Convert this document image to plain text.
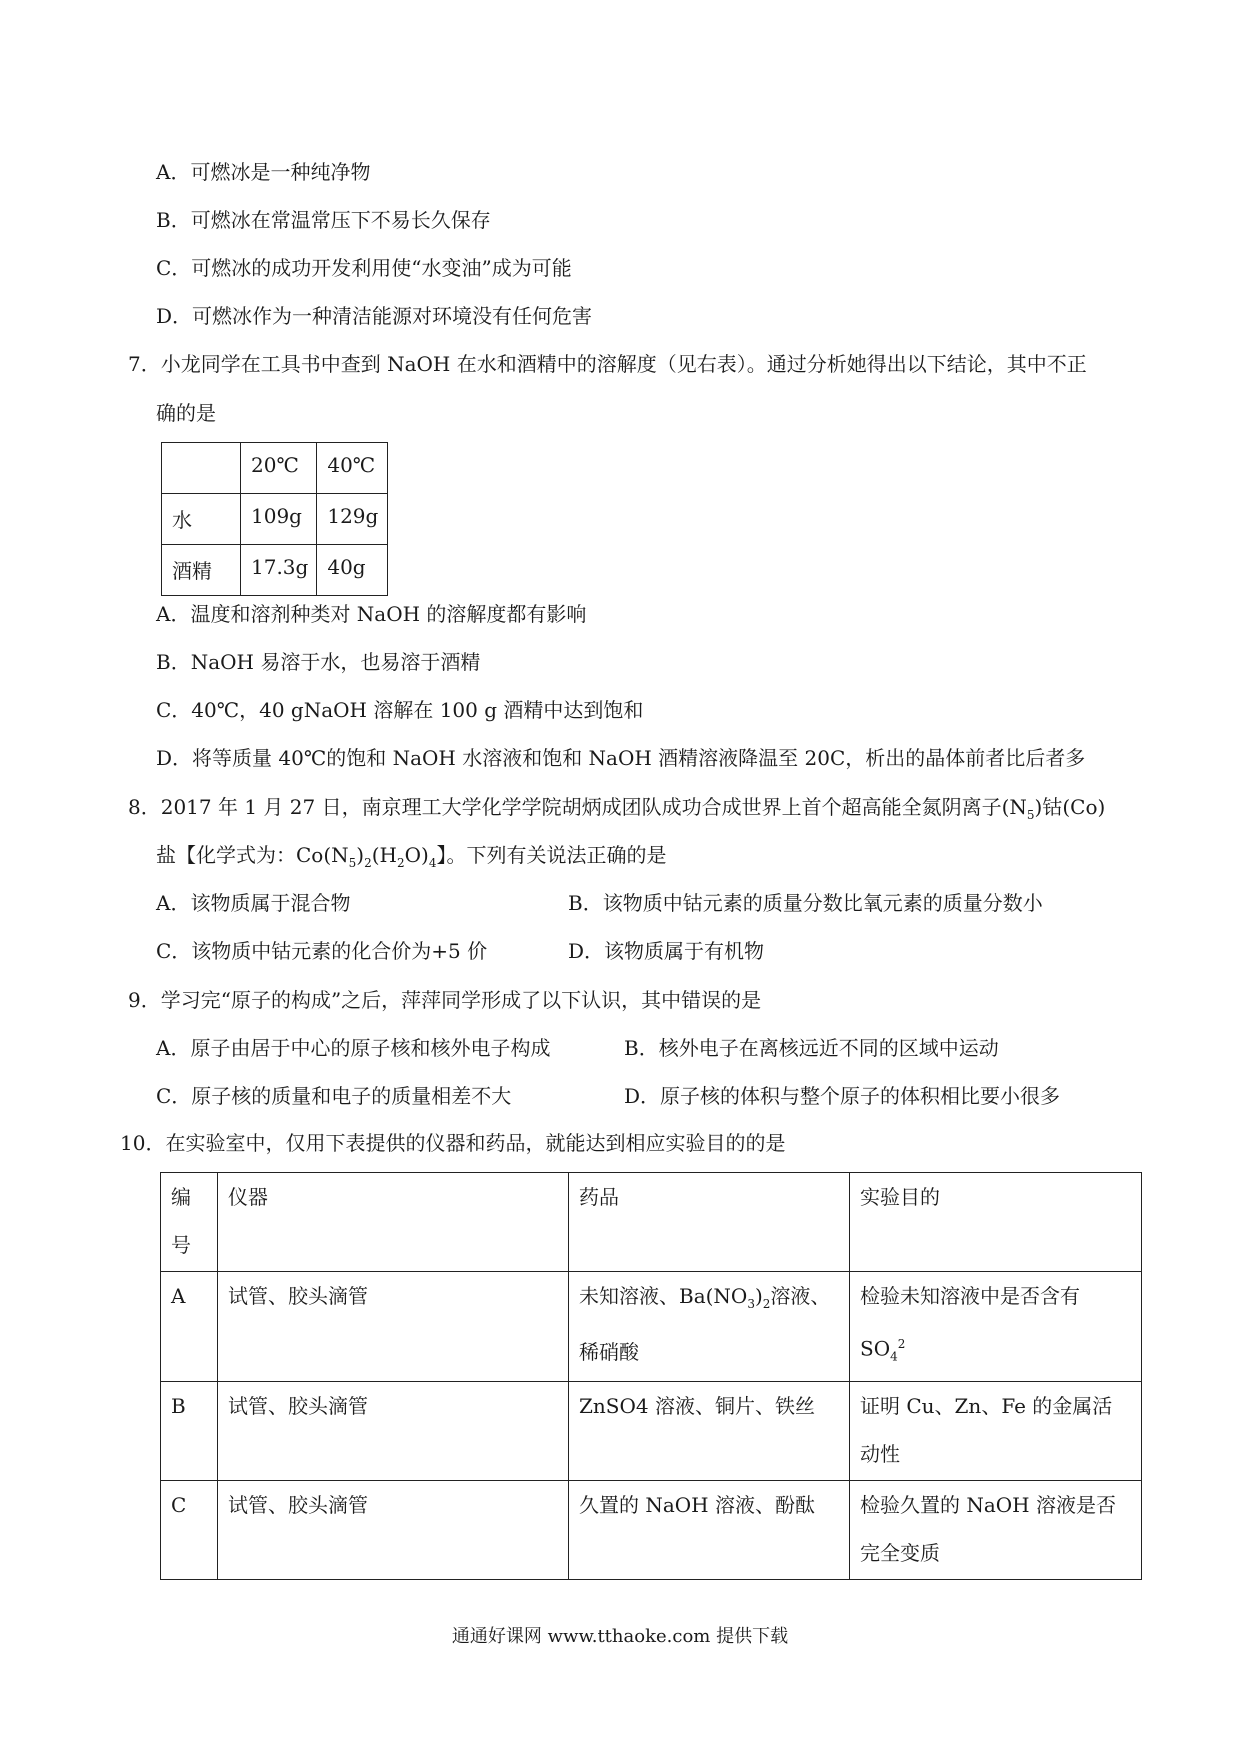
A．可燃冰是一种纯净物
B．可燃冰在常温常压下不易长久保存
C．可燃冰的成功开发利用使“水变油”成为可能
D．可燃冰作为一种清洁能源对环境没有任何危害
7．小龙同学在工具书中查到 NaOH 在水和酒精中的溶解度（见右表）。通过分析她得出以下结论，其中不正
确的是
	20℃	40℃
水	109g	129g
酒精	17.3g	40g
A．温度和溶剂种类对 NaOH 的溶解度都有影响
B．NaOH 易溶于水，也易溶于酒精
C．40℃，40 gNaOH 溶解在 100 g 酒精中达到饱和
D．将等质量 40℃的饱和 NaOH 水溶液和饱和 NaOH 酒精溶液降温至 20C，析出的晶体前者比后者多
8．2017 年 1 月 27 日，南京理工大学化学学院胡炳成团队成功合成世界上首个超高能全氮阴离子$(N_5)$钴(Co)
盐【化学式为：$Co(N_5)_2(H_2O)_4$】。下列有关说法正确的是
A．该物质属于混合物	B．该物质中钴元素的质量分数比氧元素的质量分数小
C．该物质中钴元素的化合价为+5 价	D．该物质属于有机物
9．学习完“原子的构成”之后，萍萍同学形成了以下认识，其中错误的是
A．原子由居于中心的原子核和核外电子构成	B．核外电子在离核远近不同的区域中运动
C．原子核的质量和电子的质量相差不大	D．原子核的体积与整个原子的体积相比要小很多
10．在实验室中，仅用下表提供的仪器和药品，就能达到相应实验目的的是
编号	仪器	药品	实验目的

A	试管、胶头滴管	未知溶液、$Ba(NO_3)_2$溶液、稀硝酸	检验未知溶液中是否含有 $SO_4^2$

B	试管、胶头滴管	ZnSO4 溶液、铜片、铁丝	证明 Cu、Zn、Fe 的金属活动性

C	试管、胶头滴管	久置的 NaOH 溶液、酚酞	检验久置的 NaOH 溶液是否完全变质
通通好课网 www.tthaoke.com 提供下载
